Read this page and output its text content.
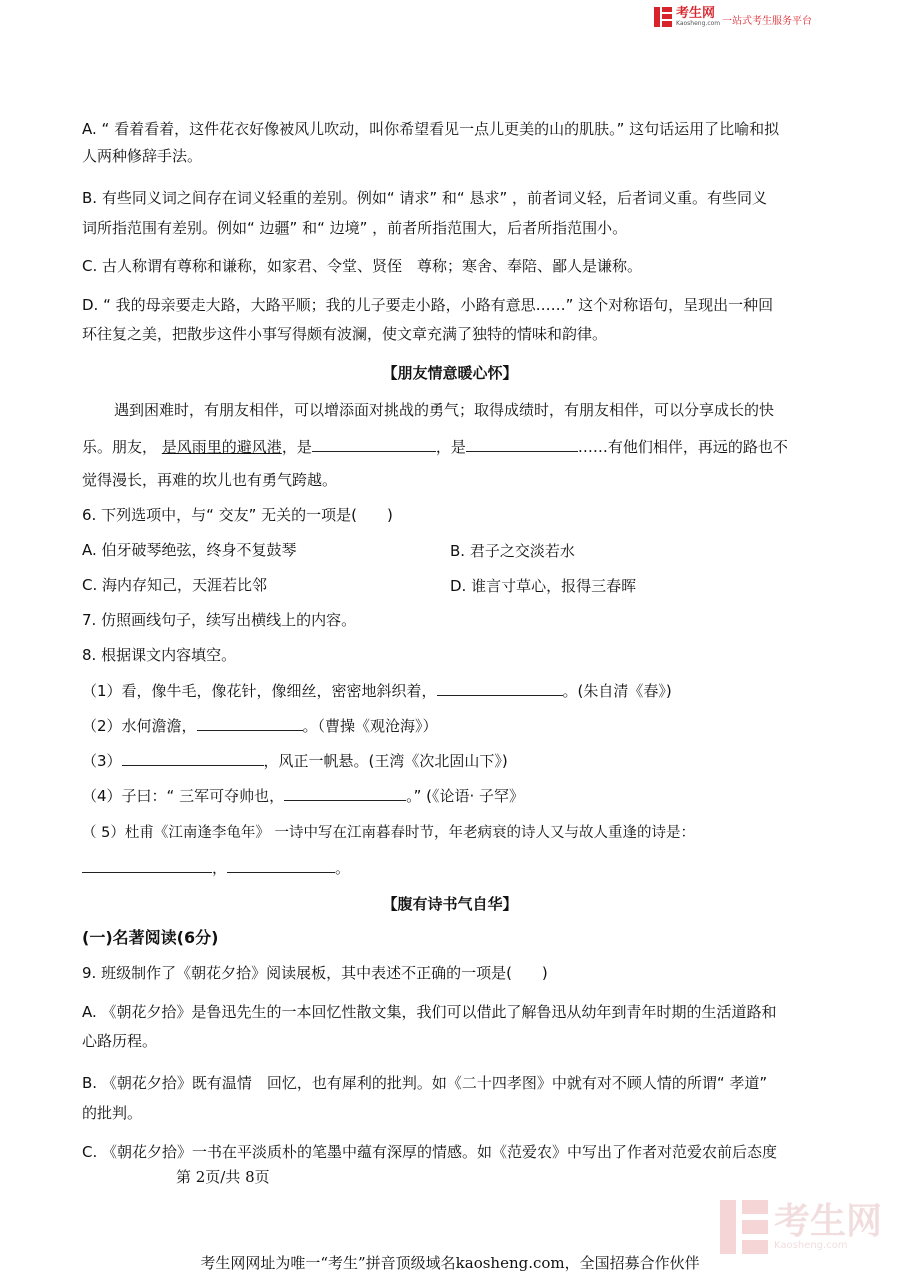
考生网
Kaosheng.com 一站式考生服务平台
A. “ 看着看着，这件花衣好像被风儿吹动，叫你希望看见一点儿更美的山的肌肤。” 这句话运用了比喻和拟
人两种修辞手法。
B. 有些同义词之间存在词义轻重的差别。例如“ 请求” 和“ 恳求” ，前者词义轻，后者词义重。有些同义
词所指范围有差别。例如“ 边疆” 和“ 边境” ，前者所指范围大，后者所指范围小。
C. 古人称谓有尊称和谦称，如家君、令堂、贤侄　尊称；寒舍、奉陪、鄙人是谦称。
D. “ 我的母亲要走大路，大路平顺；我的儿子要走小路，小路有意思……” 这个对称语句，呈现出一种回
环往复之美，把散步这件小事写得颇有波澜，使文章充满了独特的情味和韵律。
【朋友情意暖心怀】
遇到困难时，有朋友相伴，可以增添面对挑战的勇气；取得成绩时，有朋友相伴，可以分享成长的快
乐。朋友， 是风雨里的避风港，是	，是	……有他们相伴，再远的路也不
觉得漫长，再难的坎儿也有勇气跨越。
6. 下列选项中，与“ 交友” 无关的一项是(　　)
A. 伯牙破琴绝弦，终身不复鼓琴	B. 君子之交淡若水
C. 海内存知己，天涯若比邻	D. 谁言寸草心，报得三春晖
7. 仿照画线句子，续写出横线上的内容。
8. 根据课文内容填空。
（1）看，像牛毛，像花针，像细丝，密密地斜织着，	。(朱自清《春》)
（2）水何澹澹，	。（曹操《观沧海》）
（3）	，风正一帆悬。(王湾《次北固山下》)
（4）子曰：“ 三军可夺帅也，	。” (《论语· 子罕》
（ 5）杜甫《江南逢李龟年》 一诗中写在江南暮春时节，年老病衰的诗人又与故人重逢的诗是：
，	。
【腹有诗书气自华】
(一)名著阅读(6分)
9. 班级制作了《朝花夕拾》阅读展板，其中表述不正确的一项是(　　)
A. 《朝花夕拾》是鲁迅先生的一本回忆性散文集，我们可以借此了解鲁迅从幼年到青年时期的生活道路和
心路历程。
B. 《朝花夕拾》既有温情　回忆，也有犀利的批判。如《二十四孝图》中就有对不顾人情的所谓“ 孝道”
的批判。
C. 《朝花夕拾》一书在平淡质朴的笔墨中蕴有深厚的情感。如《范爱农》中写出了作者对范爱农前后态度
第 2页/共 8页
考生网
Kaosheng.com
考生网网址为唯一“考生”拼音顶级域名kaosheng.com，全国招募合作伙伴
